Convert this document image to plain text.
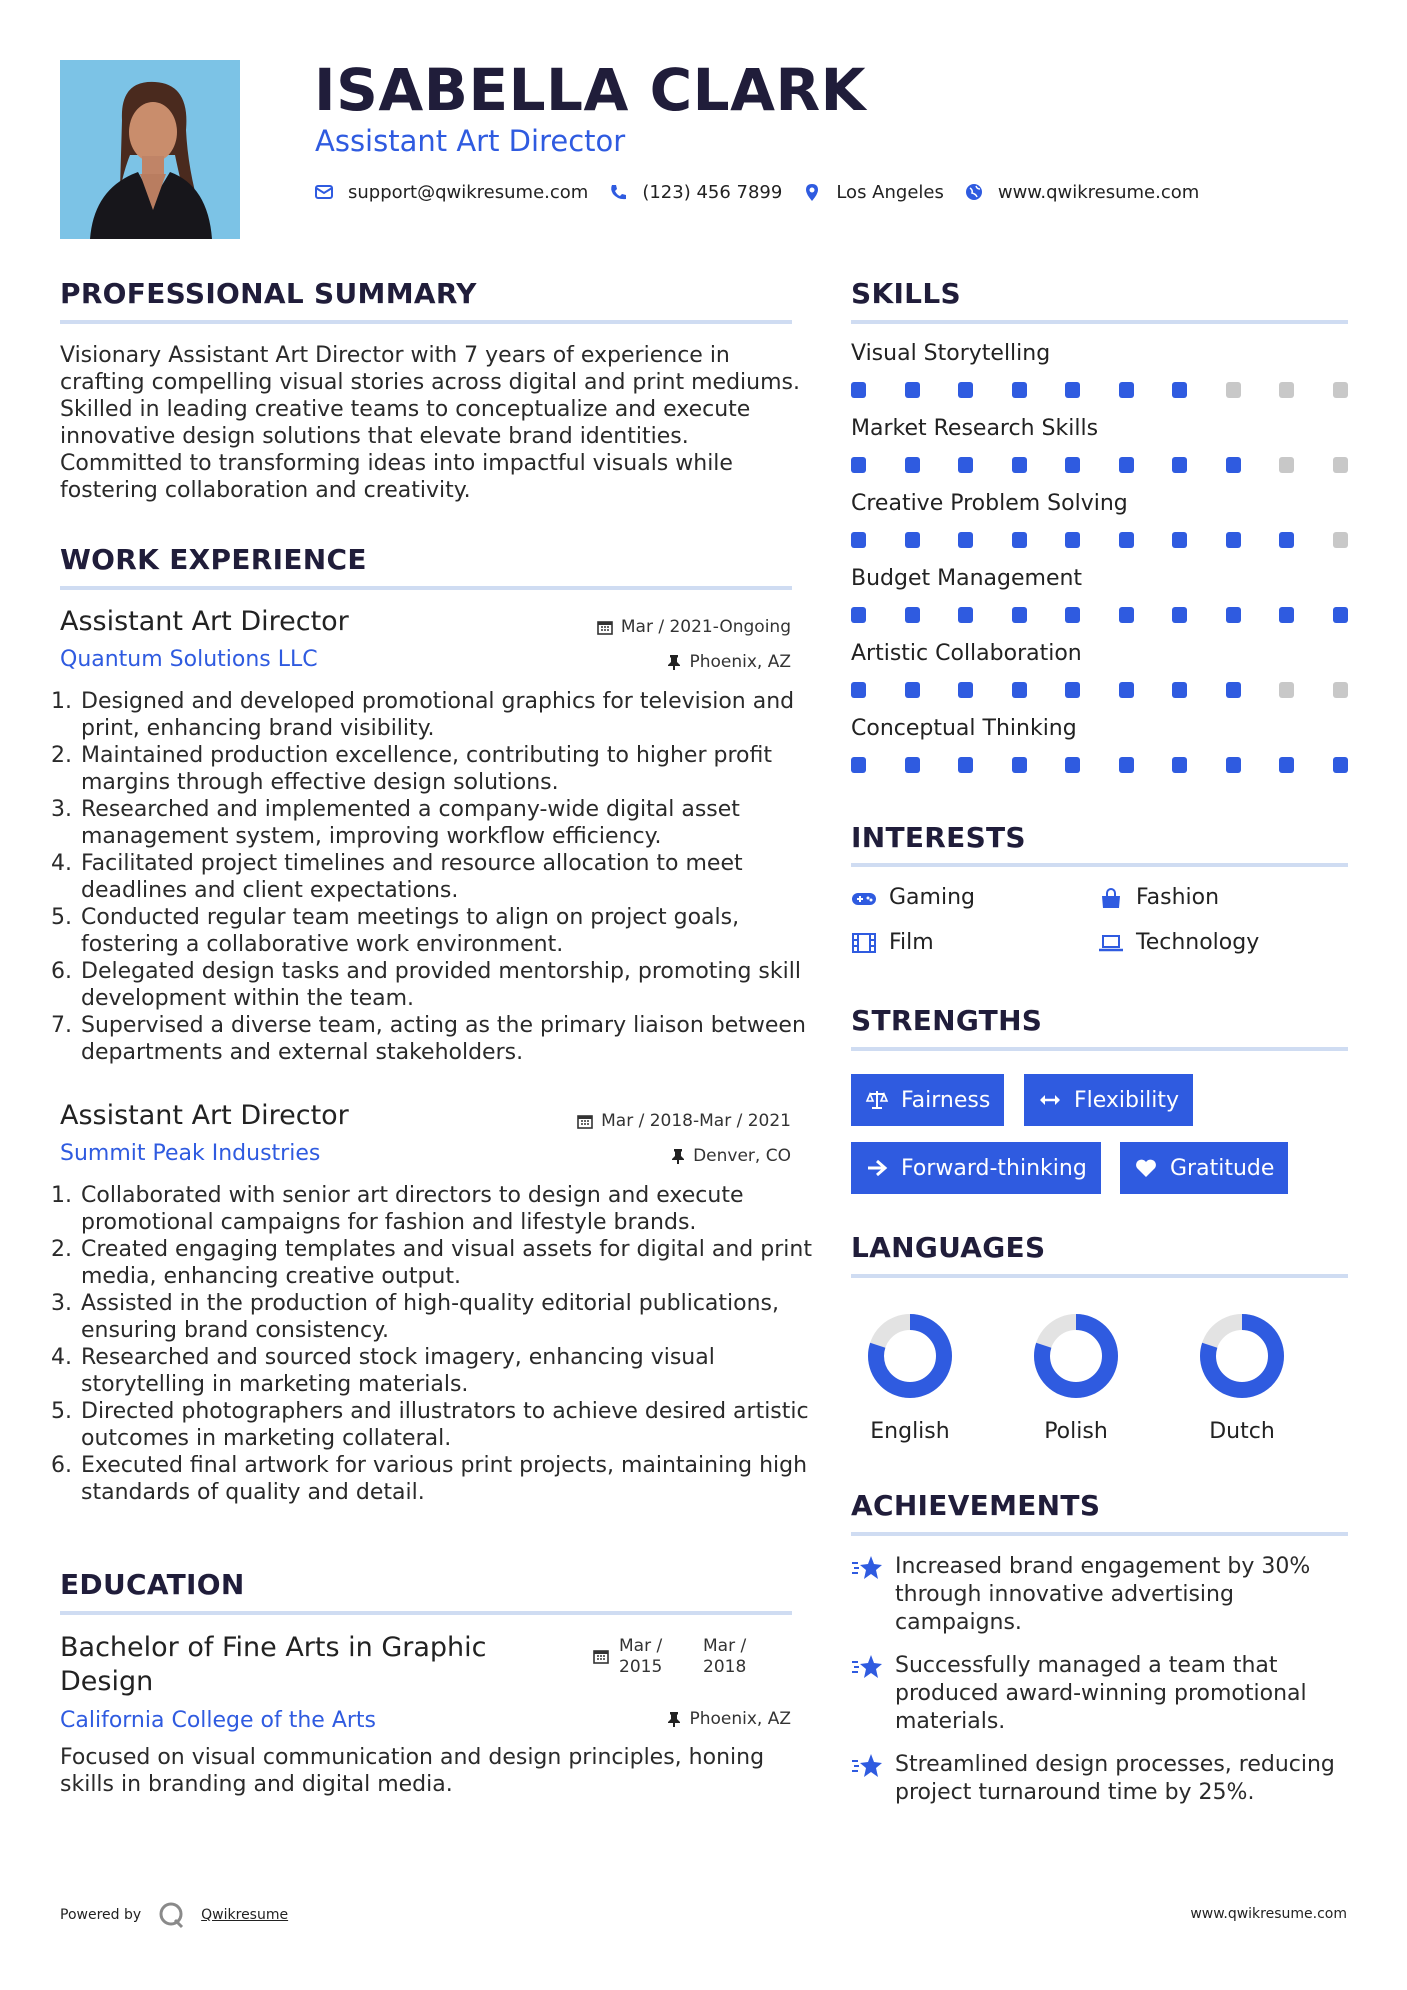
ISABELLA CLARK
Assistant Art Director
support@qwikresume.com	(123) 456 7899	Los Angeles	www.qwikresume.com
PROFESSIONAL SUMMARY
Visionary Assistant Art Director with 7 years of experience in crafting compelling visual stories across digital and print mediums. Skilled in leading creative teams to conceptualize and execute innovative design solutions that elevate brand identities. Committed to transforming ideas into impactful visuals while fostering collaboration and creativity.
WORK EXPERIENCE
Assistant Art Director	Mar / 2021-Ongoing
Quantum Solutions LLC	Phoenix, AZ
1. Designed and developed promotional graphics for television and print, enhancing brand visibility.
2. Maintained production excellence, contributing to higher profit margins through effective design solutions.
3. Researched and implemented a company-wide digital asset management system, improving workflow efficiency.
4. Facilitated project timelines and resource allocation to meet deadlines and client expectations.
5. Conducted regular team meetings to align on project goals, fostering a collaborative work environment.
6. Delegated design tasks and provided mentorship, promoting skill development within the team.
7. Supervised a diverse team, acting as the primary liaison between departments and external stakeholders.
Assistant Art Director	Mar / 2018-Mar / 2021
Summit Peak Industries	Denver, CO
1. Collaborated with senior art directors to design and execute promotional campaigns for fashion and lifestyle brands.
2. Created engaging templates and visual assets for digital and print media, enhancing creative output.
3. Assisted in the production of high-quality editorial publications, ensuring brand consistency.
4. Researched and sourced stock imagery, enhancing visual storytelling in marketing materials.
5. Directed photographers and illustrators to achieve desired artistic outcomes in marketing collateral.
6. Executed final artwork for various print projects, maintaining high standards of quality and detail.
EDUCATION
Bachelor of Fine Arts in Graphic Design
Mar /
2015
Mar /
2018
California College of the Arts	Phoenix, AZ
Focused on visual communication and design principles, honing skills in branding and digital media.
SKILLS
Visual Storytelling
Market Research Skills
Creative Problem Solving
Budget Management
Artistic Collaboration
Conceptual Thinking
INTERESTS
Gaming	Fashion
Film	Technology
STRENGTHS
Fairness	Flexibility
Forward-thinking	Gratitude
LANGUAGES
English	Polish	Dutch
ACHIEVEMENTS
Increased brand engagement by 30% through innovative advertising campaigns.
Successfully managed a team that produced award-winning promotional materials.
Streamlined design processes, reducing project turnaround time by 25%.
Powered by	Qwikresume	www.qwikresume.com
